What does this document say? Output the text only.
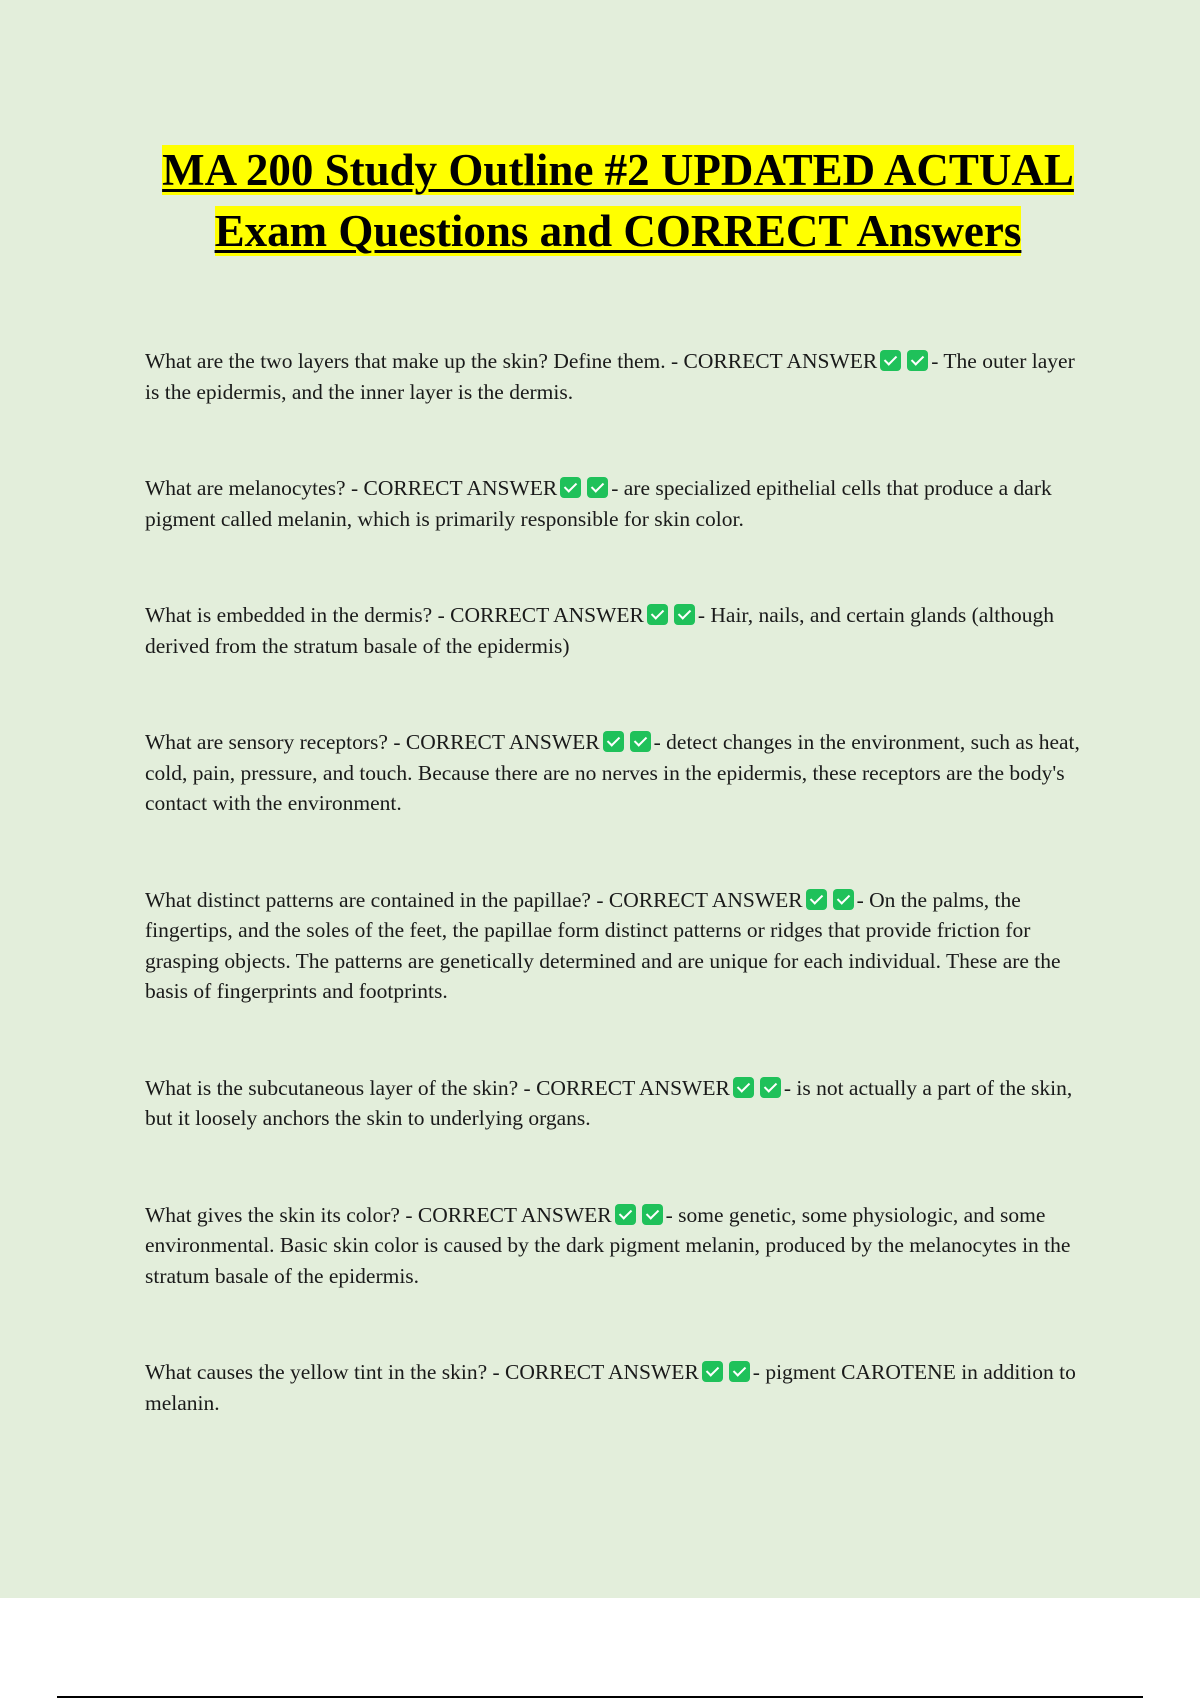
MA 200 Study Outline #2 UPDATED ACTUAL Exam Questions and CORRECT Answers

What are the two layers that make up the skin? Define them. - CORRECT ANSWER	- The outer layer is the epidermis, and the inner layer is the dermis.

What are melanocytes? - CORRECT ANSWER	- are specialized epithelial cells that produce a dark pigment called melanin, which is primarily responsible for skin color.

What is embedded in the dermis? - CORRECT ANSWER	- Hair, nails, and certain glands (although derived from the stratum basale of the epidermis)

What are sensory receptors? - CORRECT ANSWER	- detect changes in the environment, such as heat, cold, pain, pressure, and touch. Because there are no nerves in the epidermis, these receptors are the body's contact with the environment.

What distinct patterns are contained in the papillae? - CORRECT ANSWER	- On the palms, the fingertips, and the soles of the feet, the papillae form distinct patterns or ridges that provide friction for grasping objects. The patterns are genetically determined and are unique for each individual. These are the basis of fingerprints and footprints.

What is the subcutaneous layer of the skin? - CORRECT ANSWER	- is not actually a part of the skin, but it loosely anchors the skin to underlying organs.

What gives the skin its color? - CORRECT ANSWER	- some genetic, some physiologic, and some environmental. Basic skin color is caused by the dark pigment melanin, produced by the melanocytes in the stratum basale of the epidermis.

What causes the yellow tint in the skin? - CORRECT ANSWER	- pigment CAROTENE in addition to melanin.
